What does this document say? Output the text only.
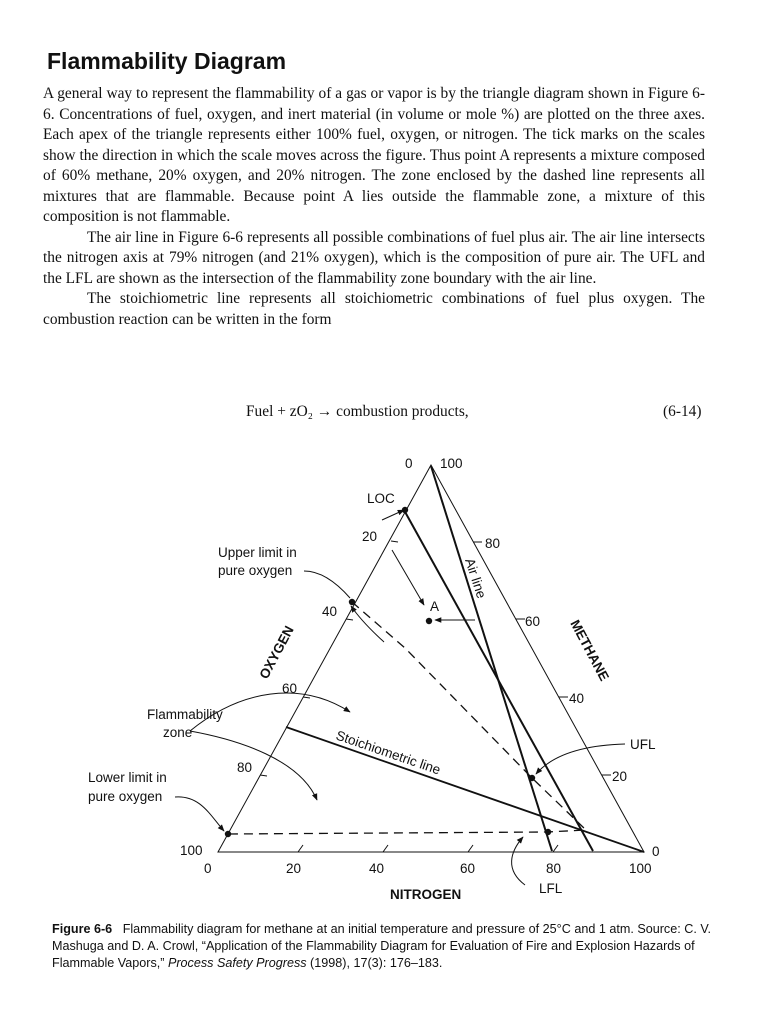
Flammability Diagram

A general way to represent the flammability of a gas or vapor is by the triangle diagram shown in Figure 6-6. Concentrations of fuel, oxygen, and inert material (in volume or mole %) are plotted on the three axes. Each apex of the triangle represents either 100% fuel, oxygen, or nitrogen. The tick marks on the scales show the direction in which the scale moves across the figure. Thus point A represents a mixture composed of 60% methane, 20% oxygen, and 20% nitrogen. The zone enclosed by the dashed line represents all mixtures that are flammable. Because point A lies outside the flammable zone, a mixture of this composition is not flammable.

The air line in Figure 6-6 represents all possible combinations of fuel plus air. The air line intersects the nitrogen axis at 79% nitrogen (and 21% oxygen), which is the composition of pure air. The UFL and the LFL are shown as the intersection of the flammability zone boundary with the air line.

The stoichiometric line represents all stoichiometric combinations of fuel plus oxygen. The combustion reaction can be written in the form

Fuel + zO₂ → combustion products,	(6-14)
0	20	40	60	80	100
0
20
40
60
80
100
100
80
60
40
20
0
NITROGEN
OXYGEN	METHANE
LOC
A
Upper limit in
pure oxygen
Flammability
zone
Lower limit in
pure oxygen
UFL
LFL
Air line
Stoichiometric line
Figure 6-6 Flammability diagram for methane at an initial temperature and pressure of 25°C and 1 atm. Source: C. V. Mashuga and D. A. Crowl, “Application of the Flammability Diagram for Evaluation of Fire and Explosion Hazards of Flammable Vapors,” Process Safety Progress (1998), 17(3): 176–183.
